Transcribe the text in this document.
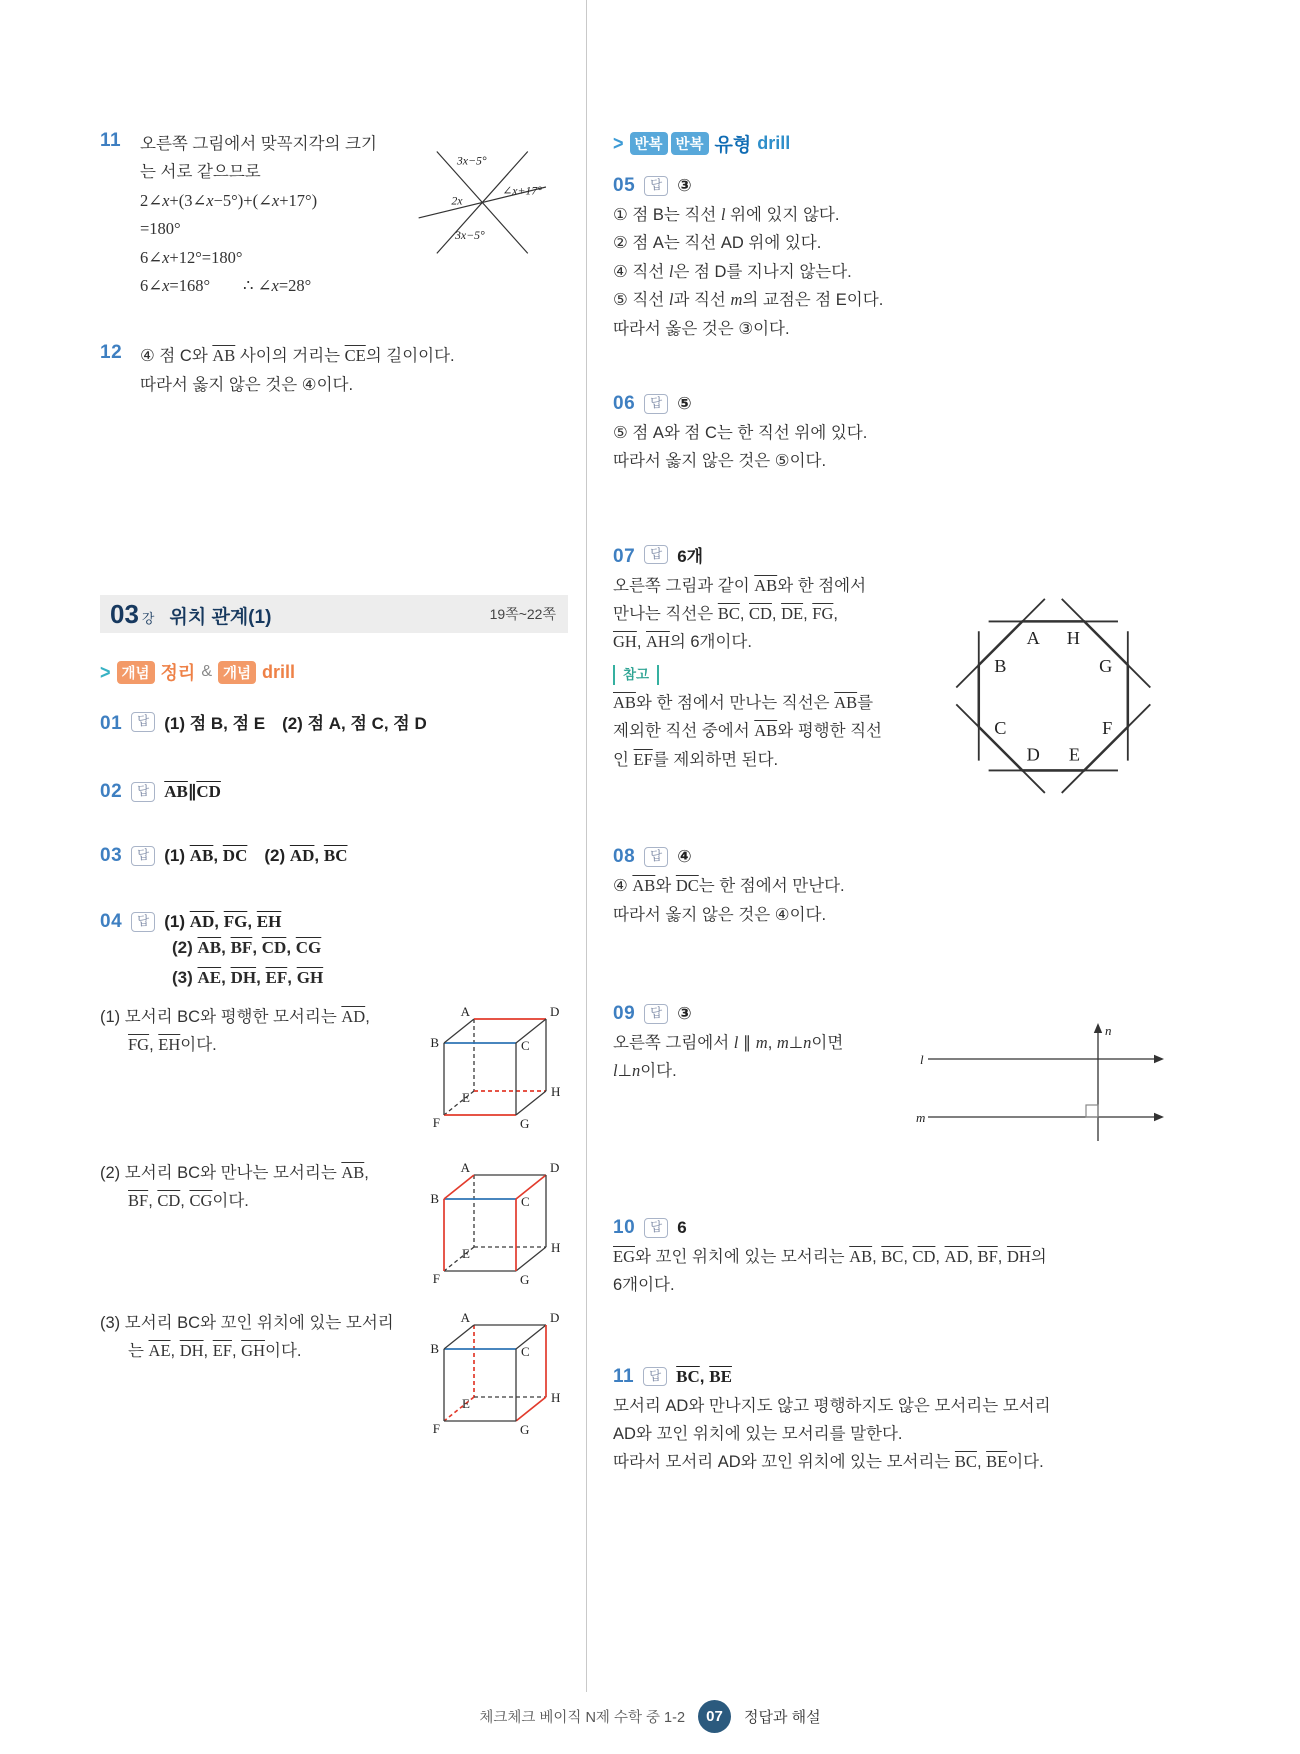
11 오른쪽 그림에서 맞꼭지각의 크기
는 서로 같으므로
2∠x+(3∠x−5°)+(∠x+17°)
=180°
6∠x+12°=180°
6∠x=168°  ∴ ∠x=28°
3x−5°
2x
∠x+17°
3x−5°
12 ④ 점 C와 $\overline{AB}$ 사이의 거리는 $\overline{CE}$의 길이이다.
따라서 옳지 않은 것은 ④이다.
03 강 위치 관계(1)	19쪽~22쪽
> 개념 정리 & 개념 drill
01	답 (1) 점 B, 점 E (2) 점 A, 점 C, 점 D
02	답 $\overline{AB}\parallel\overline{CD}$
03	답 (1) $\overline{AB}$, $\overline{DC}$ (2) $\overline{AD}$, $\overline{BC}$
04	답 (1) $\overline{AD}$, $\overline{FG}$, $\overline{EH}$
(2) $\overline{AB}$, $\overline{BF}$, $\overline{CD}$, $\overline{CG}$
(3) $\overline{AE}$, $\overline{DH}$, $\overline{EF}$, $\overline{GH}$
(1) 모서리 BC와 평행한 모서리는 $\overline{AD}$,
$\overline{FG}$, $\overline{EH}$이다.
A	D
B	C
E	H
F	G
(2) 모서리 BC와 만나는 모서리는 $\overline{AB}$,
$\overline{BF}$, $\overline{CD}$, $\overline{CG}$이다.
A	D
B	C
E	H
F	G
(3) 모서리 BC와 꼬인 위치에 있는 모서리
는 $\overline{AE}$, $\overline{DH}$, $\overline{EF}$, $\overline{GH}$이다.
A	D
B	C
E	H
F	G
> 반복 반복 유형 drill
05	답 ③
① 점 B는 직선 l 위에 있지 않다.
② 점 A는 직선 AD 위에 있다.
④ 직선 l은 점 D를 지나지 않는다.
⑤ 직선 l과 직선 m의 교점은 점 E이다.
따라서 옳은 것은 ③이다.
06	답 ⑤
⑤ 점 A와 점 C는 한 직선 위에 있다.
따라서 옳지 않은 것은 ⑤이다.
07	답 6개
오른쪽 그림과 같이 $\overline{AB}$와 한 점에서
만나는 직선은 $\overline{BC}$, $\overline{CD}$, $\overline{DE}$, $\overline{FG}$,
$\overline{GH}$, $\overline{AH}$의 6개이다.
참고
$\overline{AB}$와 한 점에서 만나는 직선은 $\overline{AB}$를
제외한 직선 중에서 $\overline{AB}$와 평행한 직선
인 $\overline{EF}$를 제외하면 된다.
A H
B	G
C	F
D E
08	답 ④
④ $\overline{AB}$와 $\overline{DC}$는 한 점에서 만난다.
따라서 옳지 않은 것은 ④이다.
09	답 ③
오른쪽 그림에서 l ∥ m, m⊥n이면
l⊥n이다.
l
m
n
10	답 6
$\overline{EG}$와 꼬인 위치에 있는 모서리는 $\overline{AB}$, $\overline{BC}$, $\overline{CD}$, $\overline{AD}$, $\overline{BF}$, $\overline{DH}$의
6개이다.
11	답 $\overline{BC}$, $\overline{BE}$
모서리 AD와 만나지도 않고 평행하지도 않은 모서리는 모서리
AD와 꼬인 위치에 있는 모서리를 말한다.
따라서 모서리 AD와 꼬인 위치에 있는 모서리는 $\overline{BC}$, $\overline{BE}$이다.
체크체크 베이직 N제 수학 중 1-2	07	정답과 해설
